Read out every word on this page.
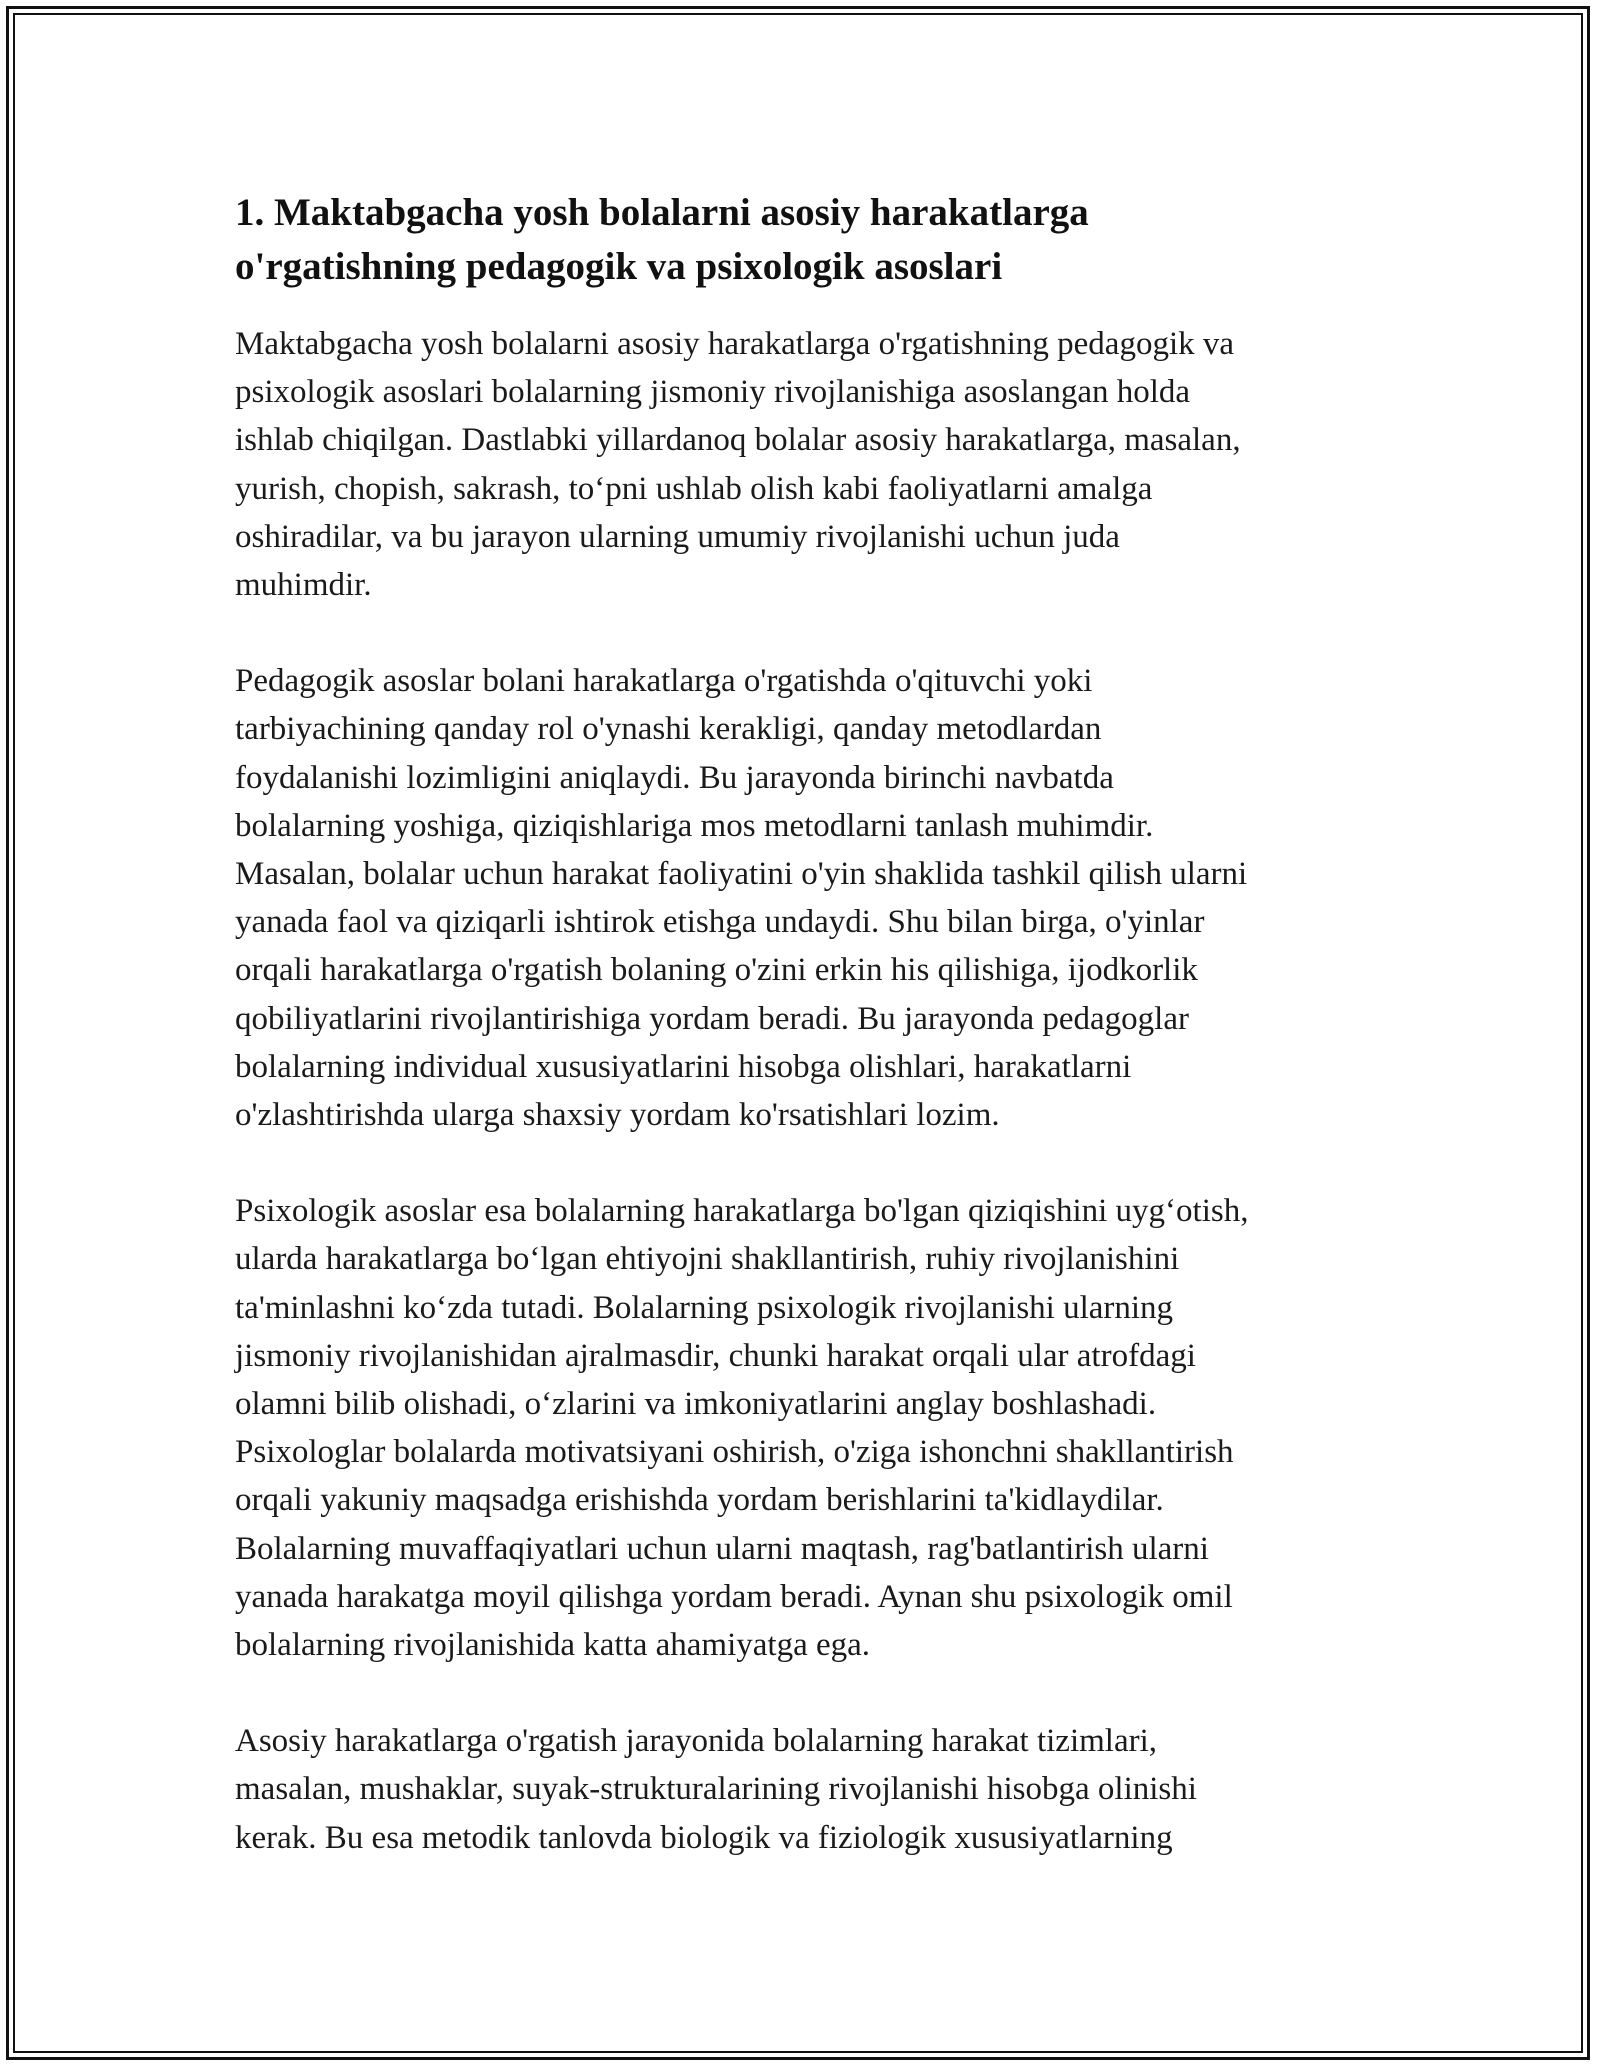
1. Maktabgacha yosh bolalarni asosiy harakatlarga
o'rgatishning pedagogik va psixologik asoslari

Maktabgacha yosh bolalarni asosiy harakatlarga o'rgatishning pedagogik va
psixologik asoslari bolalarning jismoniy rivojlanishiga asoslangan holda
ishlab chiqilgan. Dastlabki yillardanoq bolalar asosiy harakatlarga, masalan,
yurish, chopish, sakrash, to‘pni ushlab olish kabi faoliyatlarni amalga
oshiradilar, va bu jarayon ularning umumiy rivojlanishi uchun juda
muhimdir.

Pedagogik asoslar bolani harakatlarga o'rgatishda o'qituvchi yoki
tarbiyachining qanday rol o'ynashi kerakligi, qanday metodlardan
foydalanishi lozimligini aniqlaydi. Bu jarayonda birinchi navbatda
bolalarning yoshiga, qiziqishlariga mos metodlarni tanlash muhimdir.
Masalan, bolalar uchun harakat faoliyatini o'yin shaklida tashkil qilish ularni
yanada faol va qiziqarli ishtirok etishga undaydi. Shu bilan birga, o'yinlar
orqali harakatlarga o'rgatish bolaning o'zini erkin his qilishiga, ijodkorlik
qobiliyatlarini rivojlantirishiga yordam beradi. Bu jarayonda pedagoglar
bolalarning individual xususiyatlarini hisobga olishlari, harakatlarni
o'zlashtirishda ularga shaxsiy yordam ko'rsatishlari lozim.

Psixologik asoslar esa bolalarning harakatlarga bo'lgan qiziqishini uyg‘otish,
ularda harakatlarga bo‘lgan ehtiyojni shakllantirish, ruhiy rivojlanishini
ta'minlashni ko‘zda tutadi. Bolalarning psixologik rivojlanishi ularning
jismoniy rivojlanishidan ajralmasdir, chunki harakat orqali ular atrofdagi
olamni bilib olishadi, o‘zlarini va imkoniyatlarini anglay boshlashadi.
Psixologlar bolalarda motivatsiyani oshirish, o'ziga ishonchni shakllantirish
orqali yakuniy maqsadga erishishda yordam berishlarini ta'kidlaydilar.
Bolalarning muvaffaqiyatlari uchun ularni maqtash, rag'batlantirish ularni
yanada harakatga moyil qilishga yordam beradi. Aynan shu psixologik omil
bolalarning rivojlanishida katta ahamiyatga ega.

Asosiy harakatlarga o'rgatish jarayonida bolalarning harakat tizimlari,
masalan, mushaklar, suyak-strukturalarining rivojlanishi hisobga olinishi
kerak. Bu esa metodik tanlovda biologik va fiziologik xususiyatlarning
